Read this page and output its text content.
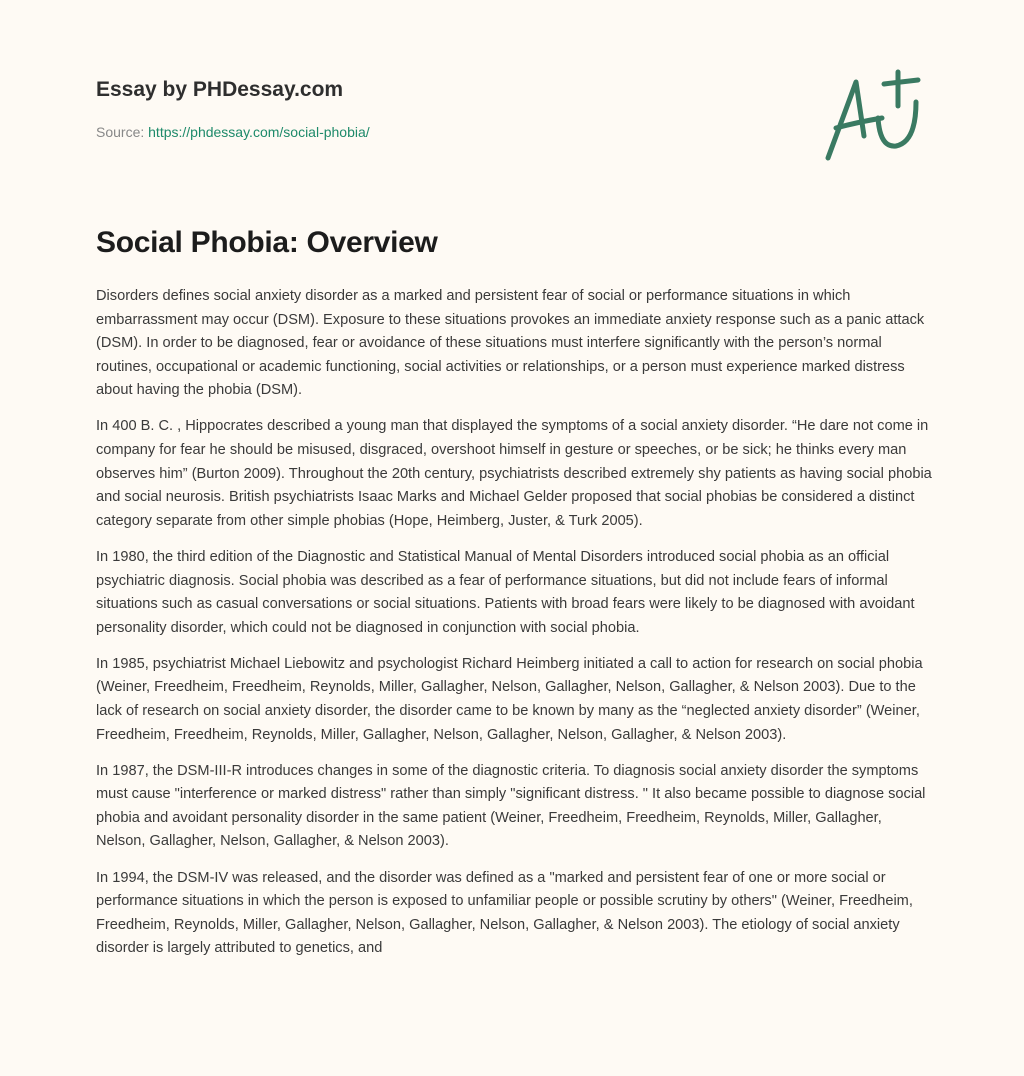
Essay by PHDessay.com
Source: https://phdessay.com/social-phobia/
Social Phobia: Overview

Disorders defines social anxiety disorder as a marked and persistent fear of social or performance situations in which embarrassment may occur (DSM). Exposure to these situations provokes an immediate anxiety response such as a panic attack (DSM). In order to be diagnosed, fear or avoidance of these situations must interfere significantly with the person’s normal routines, occupational or academic functioning, social activities or relationships, or a person must experience marked distress about having the phobia (DSM).

In 400 B. C. , Hippocrates described a young man that displayed the symptoms of a social anxiety disorder. “He dare not come in company for fear he should be misused, disgraced, overshoot himself in gesture or speeches, or be sick; he thinks every man observes him” (Burton 2009). Throughout the 20th century, psychiatrists described extremely shy patients as having social phobia and social neurosis. British psychiatrists Isaac Marks and Michael Gelder proposed that social phobias be considered a distinct category separate from other simple phobias (Hope, Heimberg, Juster, & Turk 2005).

In 1980, the third edition of the Diagnostic and Statistical Manual of Mental Disorders introduced social phobia as an official psychiatric diagnosis. Social phobia was described as a fear of performance situations, but did not include fears of informal situations such as casual conversations or social situations. Patients with broad fears were likely to be diagnosed with avoidant personality disorder, which could not be diagnosed in conjunction with social phobia.

In 1985, psychiatrist Michael Liebowitz and psychologist Richard Heimberg initiated a call to action for research on social phobia (Weiner, Freedheim, Freedheim, Reynolds, Miller, Gallagher, Nelson, Gallagher, Nelson, Gallagher, & Nelson 2003). Due to the lack of research on social anxiety disorder, the disorder came to be known by many as the “neglected anxiety disorder” (Weiner, Freedheim, Freedheim, Reynolds, Miller, Gallagher, Nelson, Gallagher, Nelson, Gallagher, & Nelson 2003).

In 1987, the DSM-III-R introduces changes in some of the diagnostic criteria. To diagnosis social anxiety disorder the symptoms must cause "interference or marked distress" rather than simply "significant distress. " It also became possible to diagnose social phobia and avoidant personality disorder in the same patient (Weiner, Freedheim, Freedheim, Reynolds, Miller, Gallagher, Nelson, Gallagher, Nelson, Gallagher, & Nelson 2003).

In 1994, the DSM-IV was released, and the disorder was defined as a "marked and persistent fear of one or more social or performance situations in which the person is exposed to unfamiliar people or possible scrutiny by others" (Weiner, Freedheim, Freedheim, Reynolds, Miller, Gallagher, Nelson, Gallagher, Nelson, Gallagher, & Nelson 2003). The etiology of social anxiety disorder is largely attributed to genetics, and
